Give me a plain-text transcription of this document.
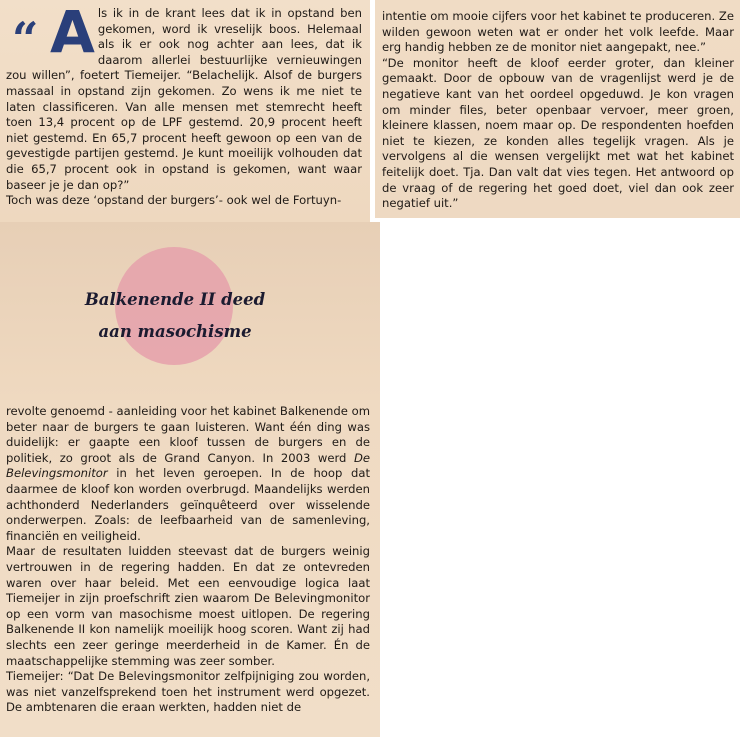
“ A ls ik in de krant lees dat ik in opstand ben gekomen, word ik vreselijk boos. Helemaal als ik er ook nog achter aan lees, dat ik daarom allerlei bestuurlijke vernieuwingen zou willen”, foetert Tiemeijer. “Belachelijk. Alsof de burgers massaal in opstand zijn gekomen. Zo wens ik me niet te laten classificeren. Van alle mensen met stemrecht heeft toen 13,4 procent op de LPF gestemd. 20,9 procent heeft niet gestemd. En 65,7 procent heeft gewoon op een van de gevestigde partijen gestemd. Je kunt moeilijk volhouden dat die 65,7 procent ook in opstand is gekomen, want waar baseer je je dan op?”

Toch was deze ‘opstand der burgers’- ook wel de Fortuyn-

Balkenende II deed
aan masochisme

revolte genoemd - aanleiding voor het kabinet Balkenende om beter naar de burgers te gaan luisteren. Want één ding was duidelijk: er gaapte een kloof tussen de burgers en de politiek, zo groot als de Grand Canyon. In 2003 werd De Belevingsmonitor in het leven geroepen. In de hoop dat daarmee de kloof kon worden overbrugd. Maandelijks werden achthonderd Nederlanders geïnquêteerd over wisselende onderwerpen. Zoals: de leefbaarheid van de samenleving, financiën en veiligheid.

Maar de resultaten luidden steevast dat de burgers weinig vertrouwen in de regering hadden. En dat ze ontevreden waren over haar beleid. Met een eenvoudige logica laat Tiemeijer in zijn proefschrift zien waarom De Belevingmonitor op een vorm van masochisme moest uitlopen. De regering Balkenende II kon namelijk moeilijk hoog scoren. Want zij had slechts een zeer geringe meerderheid in de Kamer. Én de maatschappelijke stemming was zeer somber.

Tiemeijer: “Dat De Belevingsmonitor zelfpijniging zou worden, was niet vanzelfsprekend toen het instrument werd opgezet. De ambtenaren die eraan werkten, hadden niet de

intentie om mooie cijfers voor het kabinet te produceren. Ze wilden gewoon weten wat er onder het volk leefde. Maar erg handig hebben ze de monitor niet aangepakt, nee.”

“De monitor heeft de kloof eerder groter, dan kleiner gemaakt. Door de opbouw van de vragenlijst werd je de negatieve kant van het oordeel opgeduwd. Je kon vragen om minder files, beter openbaar vervoer, meer groen, kleinere klassen, noem maar op. De respondenten hoefden niet te kiezen, ze konden alles tegelijk vragen. Als je vervolgens al die wensen vergelijkt met wat het kabinet feitelijk doet. Tja. Dan valt dat vies tegen. Het antwoord op de vraag of de regering het goed doet, viel dan ook zeer negatief uit.”
